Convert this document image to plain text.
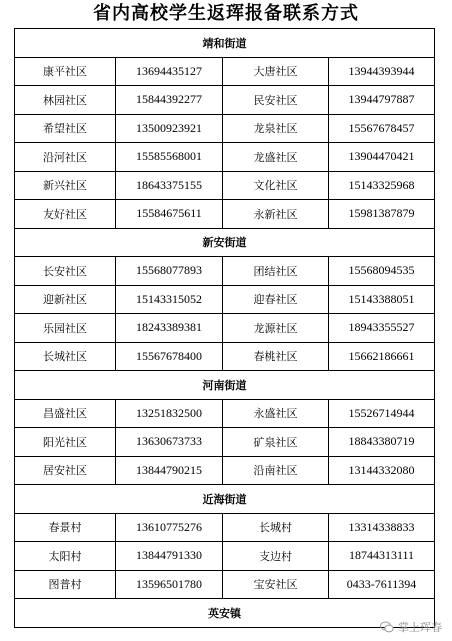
省内高校学生返珲报备联系方式
靖和街道			
康平社区	13694435127	大唐社区	13944393944
林园社区	15844392277	民安社区	13944797887
希望社区	13500923921	龙泉社区	15567678457
沿河社区	15585568001	龙盛社区	13904470421
新兴社区	18643375155	文化社区	15143325968
友好社区	15584675611	永新社区	15981387879
新安街道			
长安社区	15568077893	团结社区	15568094535
迎新社区	15143315052	迎春社区	15143388051
乐园社区	18243389381	龙源社区	18943355527
长城社区	15567678400	春桃社区	15662186661
河南街道			
昌盛社区	13251832500	永盛社区	15526714944
阳光社区	13630673733	矿泉社区	18843380719
居安社区	13844790215	沿南社区	13144332080
近海街道			
春景村	13610775276	长城村	13314338833
太阳村	13844791330	支边村	18744313111
图普村	13596501780	宝安社区	0433-7611394
英安镇			
掌上珲春
